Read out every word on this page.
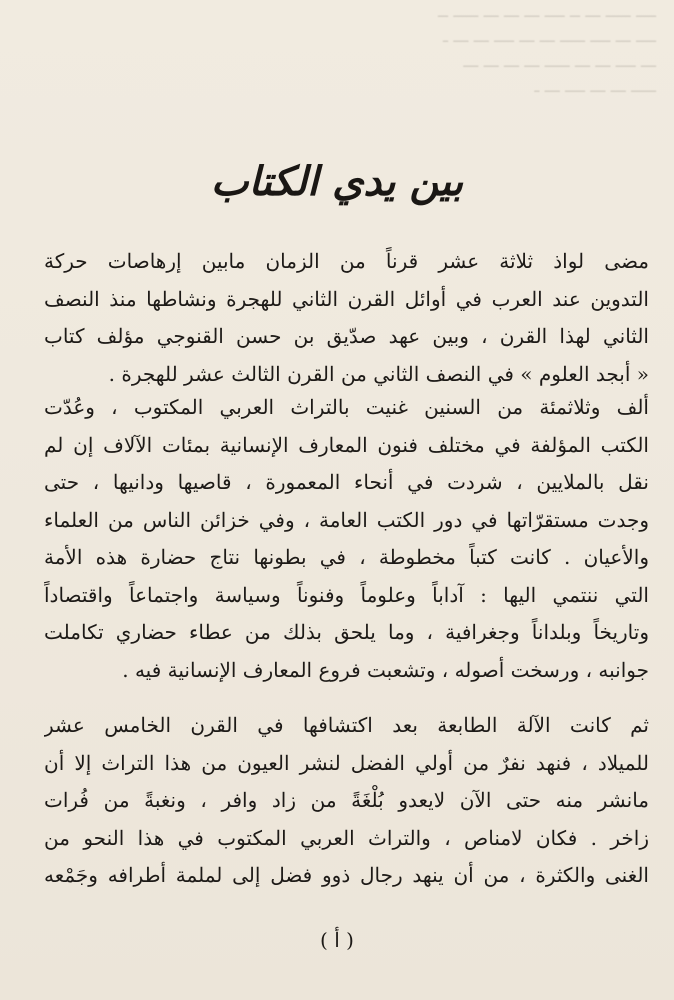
ــــ ـــــ ـــ ــ ــــ ـــ ـــ ـــ ـــــ ــ
ــــ ـــ ــــ ـــــ ـــ ـــ ــــ ـــ ـــ ـ
ـــ ــــ ـــ ـــ ـــــ ـــ ـــ ـــ ـــ
ـــــ ـــ ـــ ــــ ـــ ـ
بين يدي الكتاب
مضى لواذ ثلاثة عشر قرناً من الزمان مابين إرهاصات حركة
التدوين عند العرب في أوائل القرن الثاني للهجرة ونشاطها منذ النصف
الثاني لهذا القرن ، وبين عهد صدّيق بن حسن القنوجي مؤلف كتاب
« أبجد العلوم » في النصف الثاني من القرن الثالث عشر للهجرة .
ألف وثلاثمئة من السنين غنيت بالتراث العربي المكتوب ، وعُدّت
الكتب المؤلفة في مختلف فنون المعارف الإنسانية بمئات الآلاف إن لم
نقل بالملايين ، شردت في أنحاء المعمورة ، قاصيها ودانيها ، حتى
وجدت مستقرّاتها في دور الكتب العامة ، وفي خزائن الناس من العلماء
والأعيان . كانت كتباً مخطوطة ، في بطونها نتاج حضارة هذه الأمة
التي ننتمي اليها : آداباً وعلوماً وفنوناً وسياسة واجتماعاً واقتصاداً
وتاريخاً وبلداناً وجغرافية ، وما يلحق بذلك من عطاء حضاري تكاملت
جوانبه ، ورسخت أصوله ، وتشعبت فروع المعارف الإنسانية فيه .
ثم كانت الآلة الطابعة بعد اكتشافها في القرن الخامس عشر
للميلاد ، فنهد نفرٌ من أولي الفضل لنشر العيون من هذا التراث إلا أن
مانشر منه حتى الآن لايعدو بُلْغَةً من زاد وافر ، ونغبةً من فُرات
زاخر . فكان لامناص ، والتراث العربي المكتوب في هذا النحو من
الغنى والكثرة ، من أن ينهد رجال ذوو فضل إلى لملمة أطرافه وجَمْعه
( أ )
